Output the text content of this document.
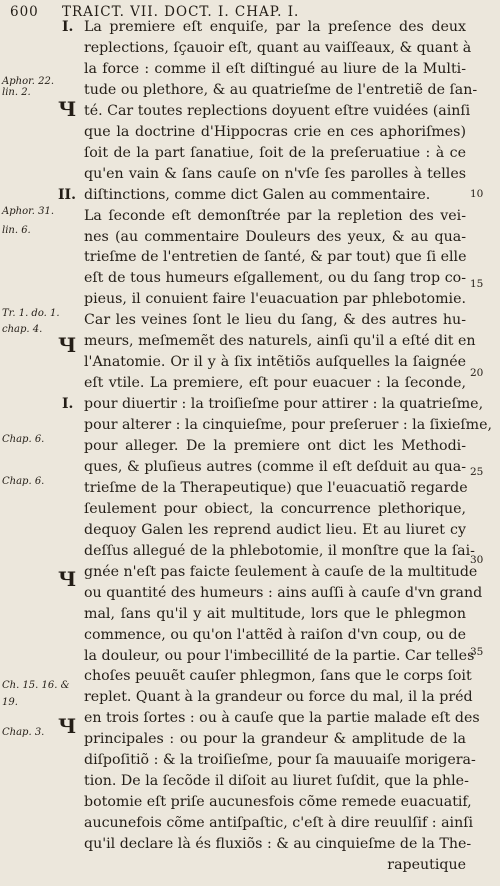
600 TRAICT. VII. DOCT. I. CHAP. I.
Aphor. 22.
lin. 2.
Aphor. 31.
lin. 6.
Tr. 1. do. 1.
chap. 4.
Chap. 6.
Chap. 6.
Ch. 15. 16. &
19.
Chap. 3.
I.
II.
I.
Ч
Ч
Ч
Ч
10
15
20
25
30
35
La premiere eſt enquiſe, par la preſence des deux
replections, ſçauoir eſt, quant au vaiſſeaux, & quant à
la force : comme il eſt diſtingué au liure de la Multi-
tude ou plethore, & au quatrieſme de l'entretiẽ de ſan-
té. Car toutes replections doyuent eſtre vuidées (ainſi
que la doctrine d'Hippocras crie en ces aphoriſmes)
ſoit de la part ſanatiue, ſoit de la preſeruatiue : à ce
qu'en vain & ſans cauſe on n'vſe ſes parolles à telles
diſtinctions, comme dict Galen au commentaire.
La ſeconde eſt demonſtrée par la repletion des vei-
nes (au commentaire Douleurs des yeux, & au qua-
trieſme de l'entretien de ſanté, & par tout) que ſi elle
eſt de tous humeurs eſgallement, ou du ſang trop co-
pieus, il conuient faire l'euacuation par phlebotomie.
Car les veines ſont le lieu du ſang, & des autres hu-
meurs, meſmemẽt des naturels, ainſi qu'il a eſté dit en
l'Anatomie. Or il y à ſix intẽtiõs auſquelles la ſaignée
eſt vtile. La premiere, eſt pour euacuer : la ſeconde,
pour diuertir : la troiſieſme pour attirer : la quatrieſme,
pour alterer : la cinquieſme, pour preſeruer : la ſixieſme,
pour alleger. De la premiere ont dict les Methodi-
ques, & pluſieus autres (comme il eſt deſduit au qua-
trieſme de la Therapeutique) que l'euacuatiõ regarde
ſeulement pour obiect, la concurrence plethorique,
dequoy Galen les reprend audict lieu. Et au liuret cy
deſſus allegué de la phlebotomie, il monſtre que la ſai-
gnée n'eſt pas faicte ſeulement à cauſe de la multitude
ou quantité des humeurs : ains auſſi à cauſe d'vn grand
mal, ſans qu'il y ait multitude, lors que le phlegmon
commence, ou qu'on l'attẽd à raiſon d'vn coup, ou de
la douleur, ou pour l'imbecillité de la partie. Car telles
choſes peuuẽt cauſer phlegmon, ſans que le corps ſoit
replet. Quant à la grandeur ou force du mal, il la préd
en trois ſortes : ou à cauſe que la partie malade eſt des
principales : ou pour la grandeur & amplitude de la
diſpoſitiõ : & la troiſieſme, pour ſa mauuaiſe morigera-
tion. De la ſecõde il diſoit au liuret ſuſdit, que la phle-
botomie eſt priſe aucunesfois cõme remede euacuatif,
aucunefois cõme antiſpaſtic, c'eſt à dire reuulſif : ainſi
qu'il declare là és fluxiõs : & au cinquieſme de la The-
rapeutique
